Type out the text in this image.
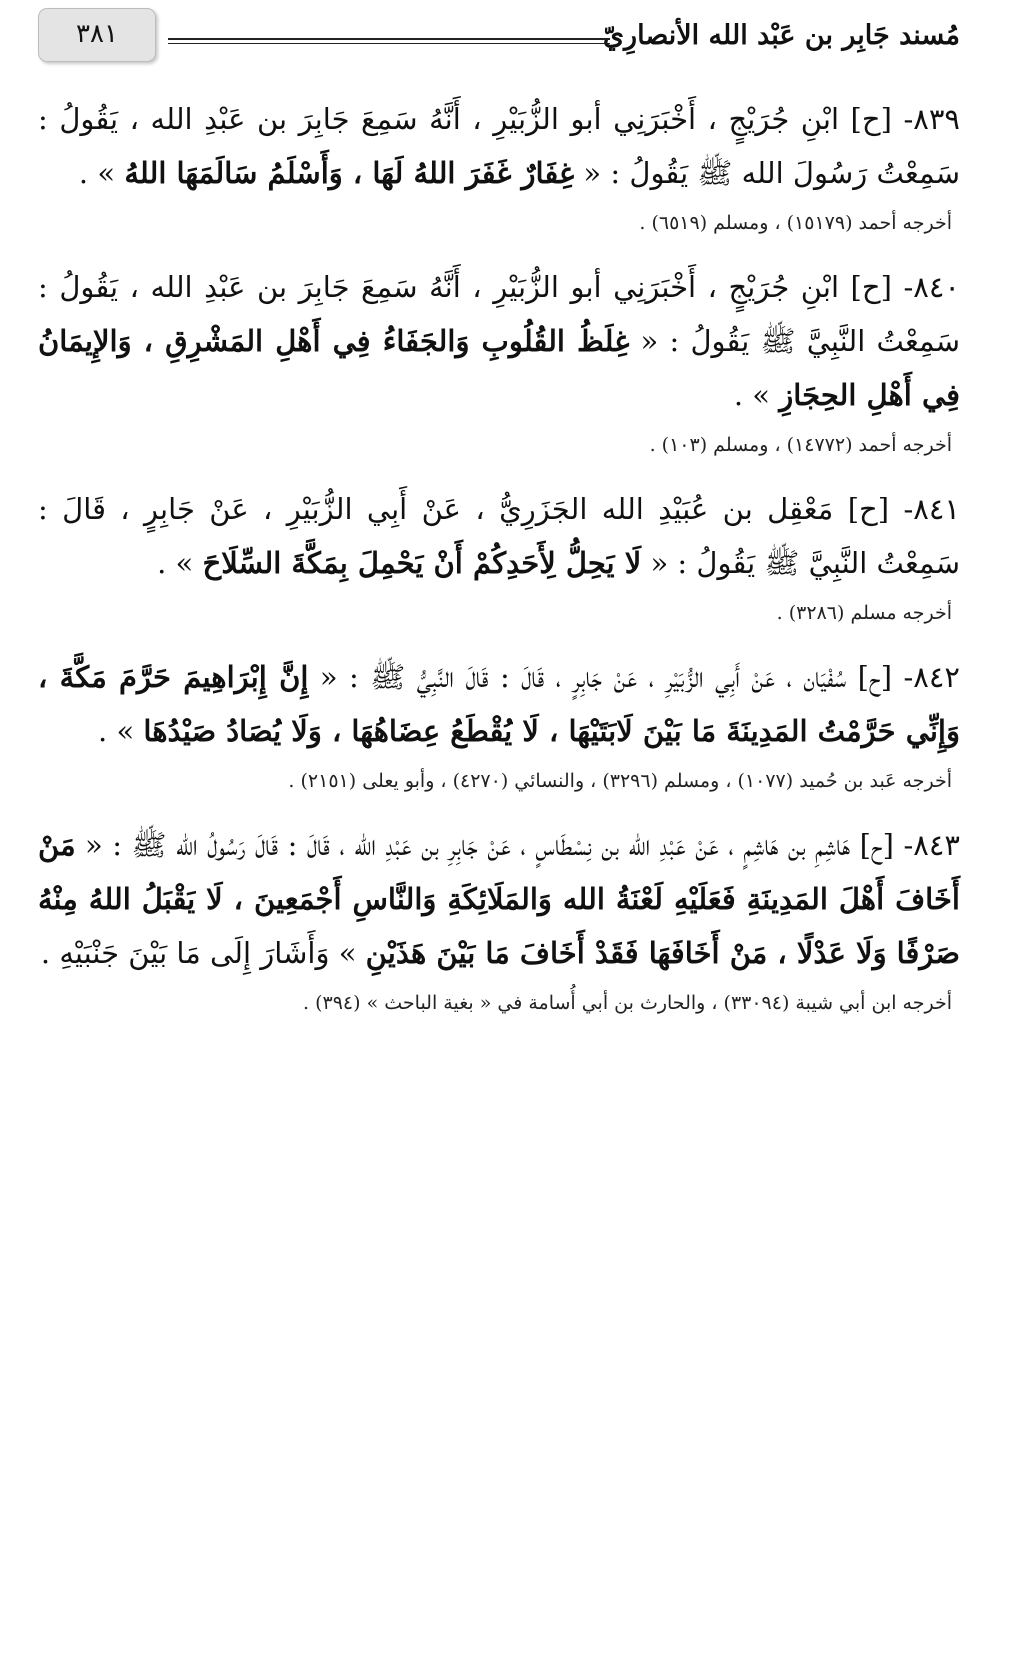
مُسند جَابِر بن عَبْد الله الأنصارِيّ
٣٨١

٨٣٩- [ح] ابْنِ جُرَيْجٍ ، أَخْبَرَنِي أبو الزُّبَيْرِ ، أَنَّهُ سَمِعَ جَابِرَ بن عَبْدِ الله ، يَقُولُ : سَمِعْتُ رَسُولَ الله ﷺ يَقُولُ : « غِفَارٌ غَفَرَ اللهُ لَهَا ، وَأَسْلَمُ سَالَمَهَا اللهُ » .

أخرجه أحمد (١٥١٧٩) ، ومسلم (٦٥١٩) .

٨٤٠- [ح] ابْنِ جُرَيْجٍ ، أَخْبَرَنِي أبو الزُّبَيْرِ ، أَنَّهُ سَمِعَ جَابِرَ بن عَبْدِ الله ، يَقُولُ : سَمِعْتُ النَّبِيَّ ﷺ يَقُولُ : « غِلَظُ القُلُوبِ وَالجَفَاءُ فِي أَهْلِ المَشْرِقِ ، وَالإِيمَانُ فِي أَهْلِ الحِجَازِ » .

أخرجه أحمد (١٤٧٧٢) ، ومسلم (١٠٣) .

٨٤١- [ح] مَعْقِل بن عُبَيْدِ الله الجَزَرِيُّ ، عَنْ أَبِي الزُّبَيْرِ ، عَنْ جَابِرٍ ، قَالَ : سَمِعْتُ النَّبِيَّ ﷺ يَقُولُ : « لَا يَحِلُّ لِأَحَدِكُمْ أَنْ يَحْمِلَ بِمَكَّةَ السِّلَاحَ » .

أخرجه مسلم (٣٢٨٦) .

٨٤٢- [ح] سُفْيَان ، عَنْ أَبِي الزُّبَيْرِ ، عَنْ جَابِرٍ ، قَالَ : قَالَ النَّبِيُّ ﷺ : « إِنَّ إِبْرَاهِيمَ حَرَّمَ مَكَّةَ ، وَإِنِّي حَرَّمْتُ المَدِينَةَ مَا بَيْنَ لَابَتَيْهَا ، لَا يُقْطَعُ عِضَاهُهَا ، وَلَا يُصَادُ صَيْدُهَا » .

أخرجه عَبد بن حُميد (١٠٧٧) ، ومسلم (٣٢٩٦) ، والنسائي (٤٢٧٠) ، وأبو يعلى (٢١٥١) .

٨٤٣- [ح] هَاشِمِ بن هَاشِمٍ ، عَنْ عَبْدِ الله بن نِسْطَاسٍ ، عَنْ جَابِرِ بن عَبْدِ الله ، قَالَ : قَالَ رَسُولُ الله ﷺ : « مَنْ أَخَافَ أَهْلَ المَدِينَةِ فَعَلَيْهِ لَعْنَةُ الله وَالمَلَائِكَةِ وَالنَّاسِ أَجْمَعِينَ ، لَا يَقْبَلُ اللهُ مِنْهُ صَرْفًا وَلَا عَدْلًا ، مَنْ أَخَافَهَا فَقَدْ أَخَافَ مَا بَيْنَ هَذَيْنِ » وَأَشَارَ إِلَى مَا بَيْنَ جَنْبَيْهِ .

أخرجه ابن أبي شيبة (٣٣٠٩٤) ، والحارث بن أبي أُسامة في « بغية الباحث » (٣٩٤) .
